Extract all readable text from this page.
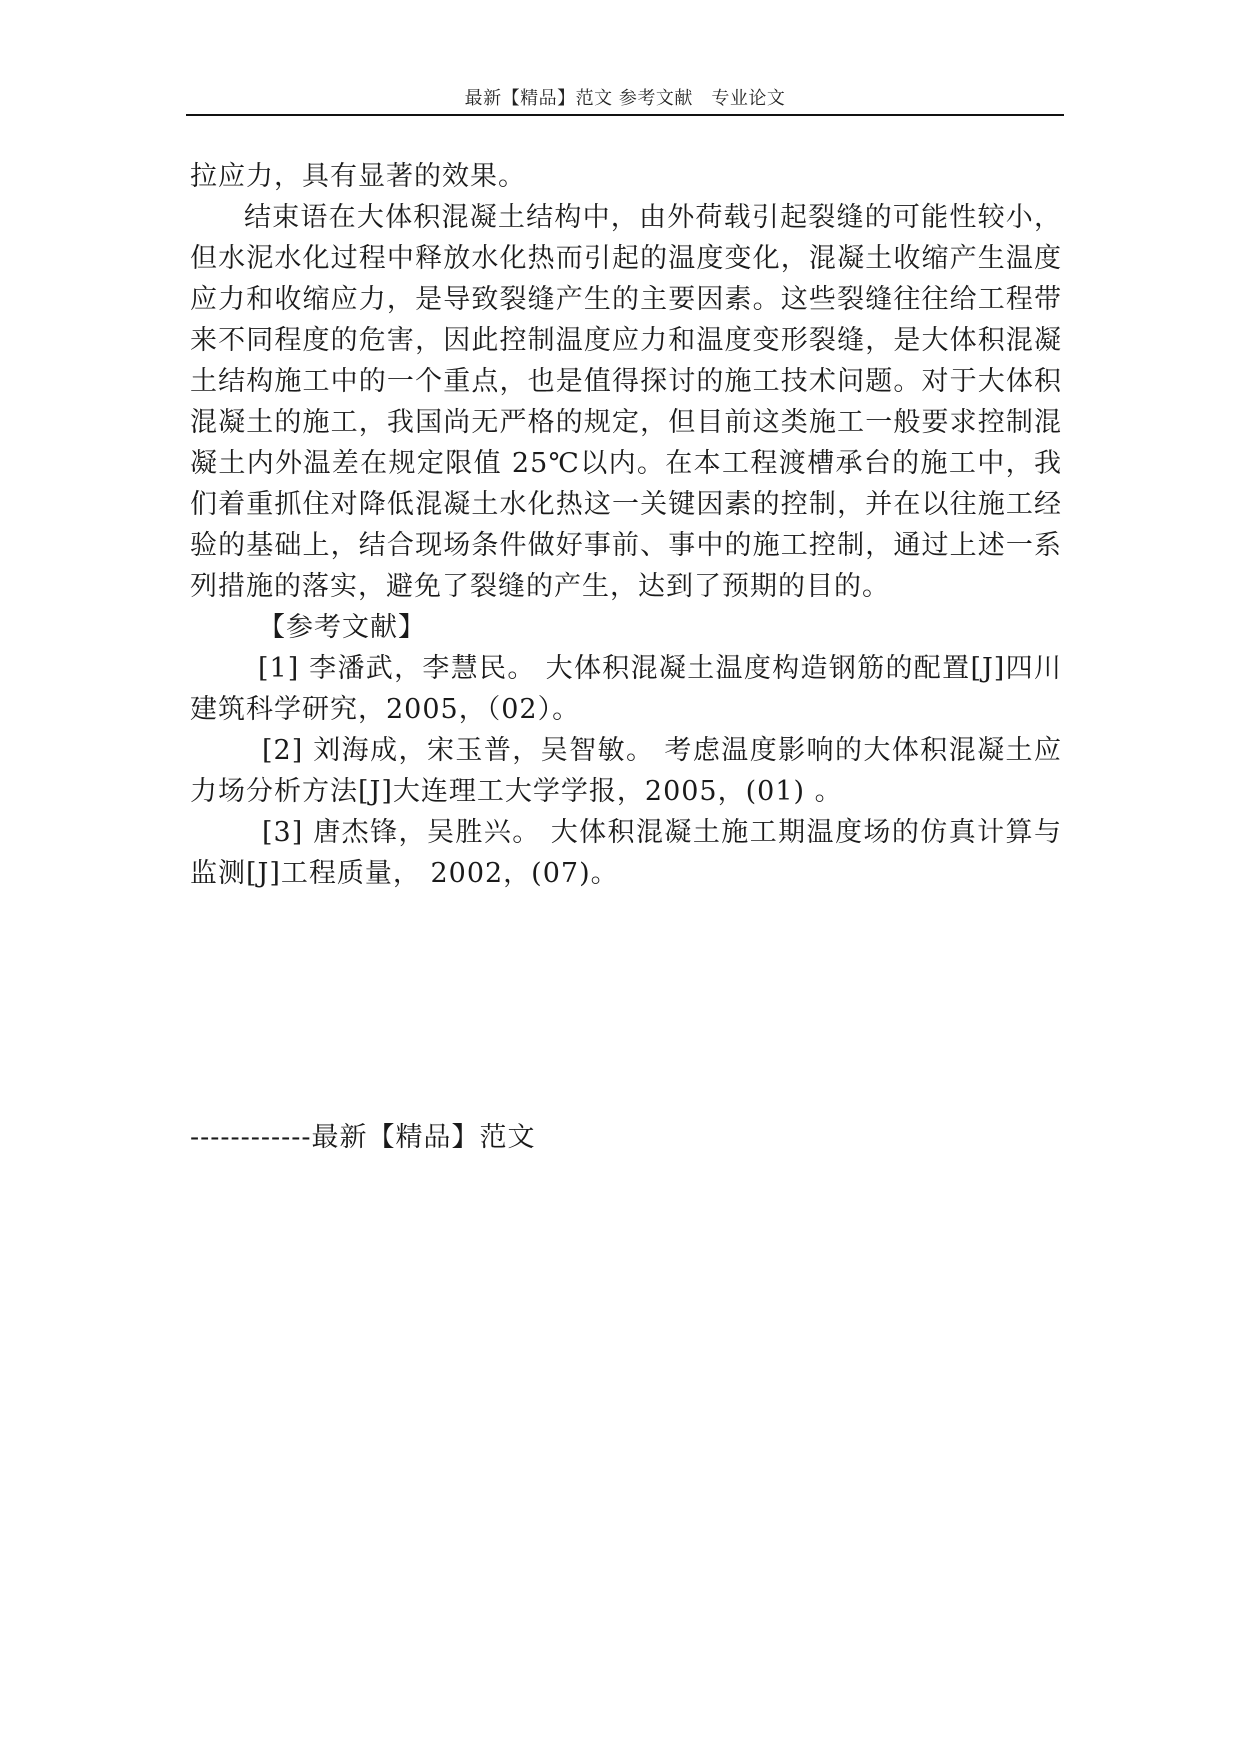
最新【精品】范文 参考文献　专业论文

拉应力，具有显著的效果。

结束语在大体积混凝土结构中，由外荷载引起裂缝的可能性较小，但水泥水化过程中释放水化热而引起的温度变化，混凝土收缩产生温度应力和收缩应力，是导致裂缝产生的主要因素。这些裂缝往往给工程带来不同程度的危害，因此控制温度应力和温度变形裂缝，是大体积混凝土结构施工中的一个重点，也是值得探讨的施工技术问题。对于大体积混凝土的施工，我国尚无严格的规定，但目前这类施工一般要求控制混凝土内外温差在规定限值 25℃以内。在本工程渡槽承台的施工中，我们着重抓住对降低混凝土水化热这一关键因素的控制，并在以往施工经验的基础上，结合现场条件做好事前、事中的施工控制，通过上述一系列措施的落实，避免了裂缝的产生，达到了预期的目的。

【参考文献】

[1] 李潘武，李慧民。 大体积混凝土温度构造钢筋的配置[J]四川建筑科学研究，2005，（02）。

[2] 刘海成，宋玉普，吴智敏。 考虑温度影响的大体积混凝土应力场分析方法[J]大连理工大学学报，2005，(01) 。

[3] 唐杰锋，吴胜兴。 大体积混凝土施工期温度场的仿真计算与监测[J]工程质量， 2002，(07)。

------------最新【精品】范文
